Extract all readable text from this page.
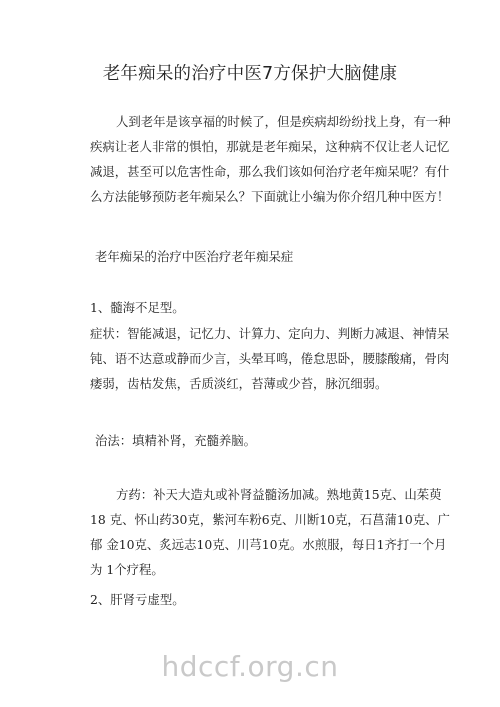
老年痴呆的治疗中医7方保护大脑健康
人到老年是该享福的时候了，但是疾病却纷纷找上身，有一种疾病让老人非常的惧怕，那就是老年痴呆，这种病不仅让老人记忆减退，甚至可以危害性命，那么我们该如何治疗老年痴呆呢？有什么方法能够预防老年痴呆么？下面就让小编为你介绍几种中医方！
老年痴呆的治疗中医治疗老年痴呆症
1、髓海不足型。
症状：智能减退，记忆力、计算力、定向力、判断力减退、神情呆钝、语不达意或静而少言，头晕耳鸣，倦怠思卧，腰膝酸痛，骨肉痿弱，齿枯发焦，舌质淡红，苔薄或少苔，脉沉细弱。
治法：填精补肾，充髓养脑。
方药：补天大造丸或补肾益髓汤加减。熟地黄15克、山茱萸18 克、怀山药30克，紫河车粉6克、川断10克，石菖蒲10克、广郁 金10克、炙远志10克、川芎10克。水煎服，每日1齐打一个月为 1个疗程。
2、肝肾亏虚型。
hdccf.org.cn
